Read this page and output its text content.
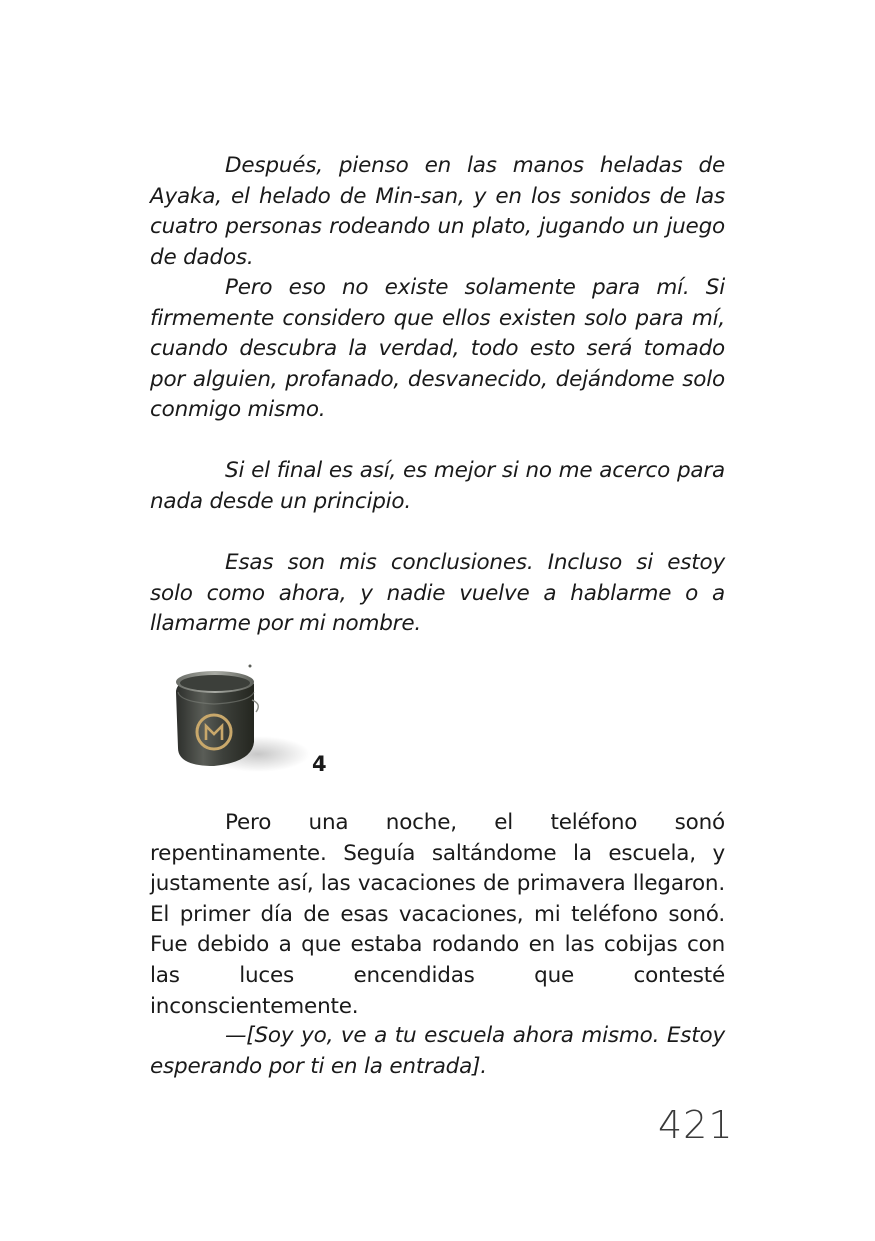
Después, pienso en las manos heladas de Ayaka, el helado de Min-san, y en los sonidos de las cuatro personas rodeando un plato, jugando un juego de dados.

Pero eso no existe solamente para mí. Si firmemente considero que ellos existen solo para mí, cuando descubra la verdad, todo esto será tomado por alguien, profanado, desvanecido, dejándome solo conmigo mismo.

Si el final es así, es mejor si no me acerco para nada desde un principio.

Esas son mis conclusiones. Incluso si estoy solo como ahora, y nadie vuelve a hablarme o a llamarme por mi nombre.

Pero una noche, el teléfono sonó repentinamente. Seguía saltándome la escuela, y justamente así, las vacaciones de primavera llegaron. El primer día de esas vacaciones, mi teléfono sonó. Fue debido a que estaba rodando en las cobijas con las luces encendidas que contesté inconscientemente.

—[Soy yo, ve a tu escuela ahora mismo. Estoy esperando por ti en la entrada].

4
421
